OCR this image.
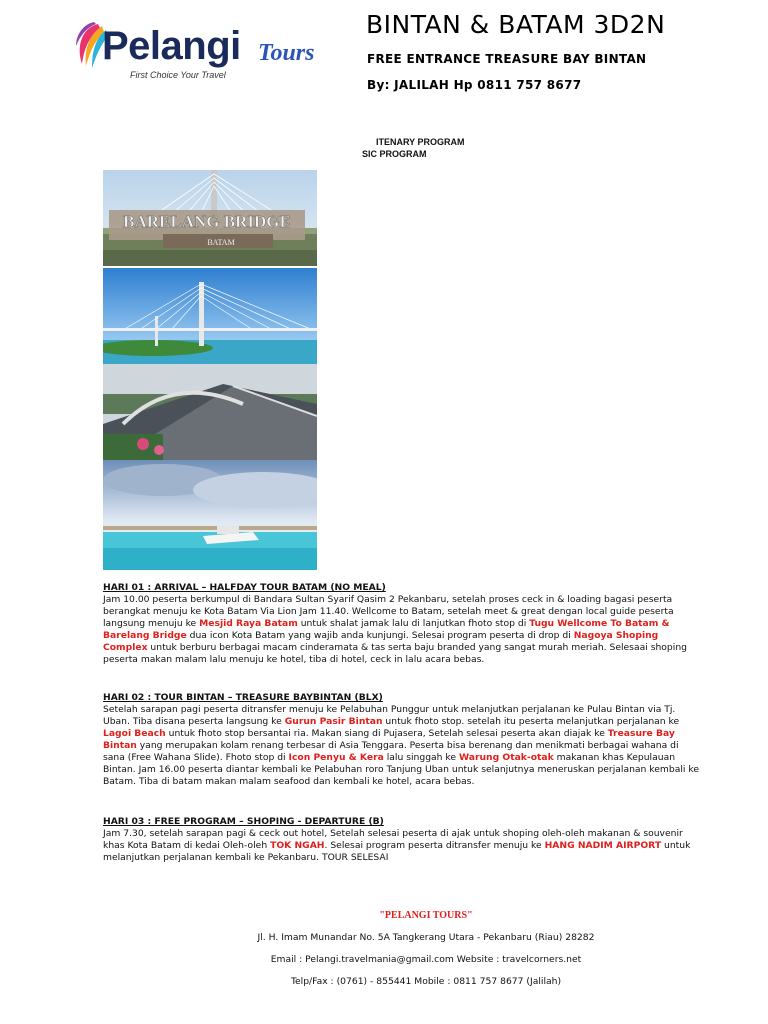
Pelangi Tours
First Choice Your Travel
BINTAN & BATAM 3D2N
FREE ENTRANCE TREASURE BAY BINTAN
By: JALILAH Hp 0811 757 8677
ITENARY PROGRAM
SIC PROGRAM
BARELANG BRIDGE
BATAM
HARI 01 : ARRIVAL – HALFDAY TOUR BATAM (NO MEAL)
Jam 10.00 peserta berkumpul di Bandara Sultan Syarif Qasim 2 Pekanbaru, setelah proses ceck in & loading bagasi peserta berangkat menuju ke Kota Batam Via Lion Jam 11.40. Wellcome to Batam, setelah meet & great dengan local guide peserta langsung menuju ke Mesjid Raya Batam untuk shalat jamak lalu di lanjutkan fhoto stop di Tugu Wellcome To Batam & Barelang Bridge dua icon Kota Batam yang wajib anda kunjungi. Selesai program peserta di drop di Nagoya Shoping Complex untuk berburu berbagai macam cinderamata & tas serta baju branded yang sangat murah meriah. Selesaai shoping peserta makan malam lalu menuju ke hotel, tiba di hotel, ceck in lalu acara bebas.
HARI 02 : TOUR BINTAN – TREASURE BAYBINTAN (BLX)
Setelah sarapan pagi peserta ditransfer menuju ke Pelabuhan Punggur untuk melanjutkan perjalanan ke Pulau Bintan via Tj. Uban. Tiba disana peserta langsung ke Gurun Pasir Bintan untuk fhoto stop. setelah itu peserta melanjutkan perjalanan ke Lagoi Beach untuk fhoto stop bersantai ria. Makan siang di Pujasera, Setelah selesai peserta akan diajak ke Treasure Bay Bintan yang merupakan kolam renang terbesar di Asia Tenggara. Peserta bisa berenang dan menikmati berbagai wahana di sana (Free Wahana Slide). Fhoto stop di Icon Penyu & Kera lalu singgah ke Warung Otak-otak makanan khas Kepulauan Bintan. Jam 16.00 peserta diantar kembali ke Pelabuhan roro Tanjung Uban untuk selanjutnya meneruskan perjalanan kembali ke Batam. Tiba di batam makan malam seafood dan kembali ke hotel, acara bebas.
HARI 03 : FREE PROGRAM – SHOPING - DEPARTURE (B)
Jam 7.30, setelah sarapan pagi & ceck out hotel, Setelah selesai peserta di ajak untuk shoping oleh-oleh makanan & souvenir khas Kota Batam di kedai Oleh-oleh TOK NGAH. Selesai program peserta ditransfer menuju ke HANG NADIM AIRPORT untuk melanjutkan perjalanan kembali ke Pekanbaru. TOUR SELESAI
"PELANGI TOURS"
Jl. H. Imam Munandar No. 5A Tangkerang Utara - Pekanbaru (Riau) 28282
Email : Pelangi.travelmania@gmail.com Website : travelcorners.net
Telp/Fax : (0761) - 855441 Mobile : 0811 757 8677 (Jalilah)
